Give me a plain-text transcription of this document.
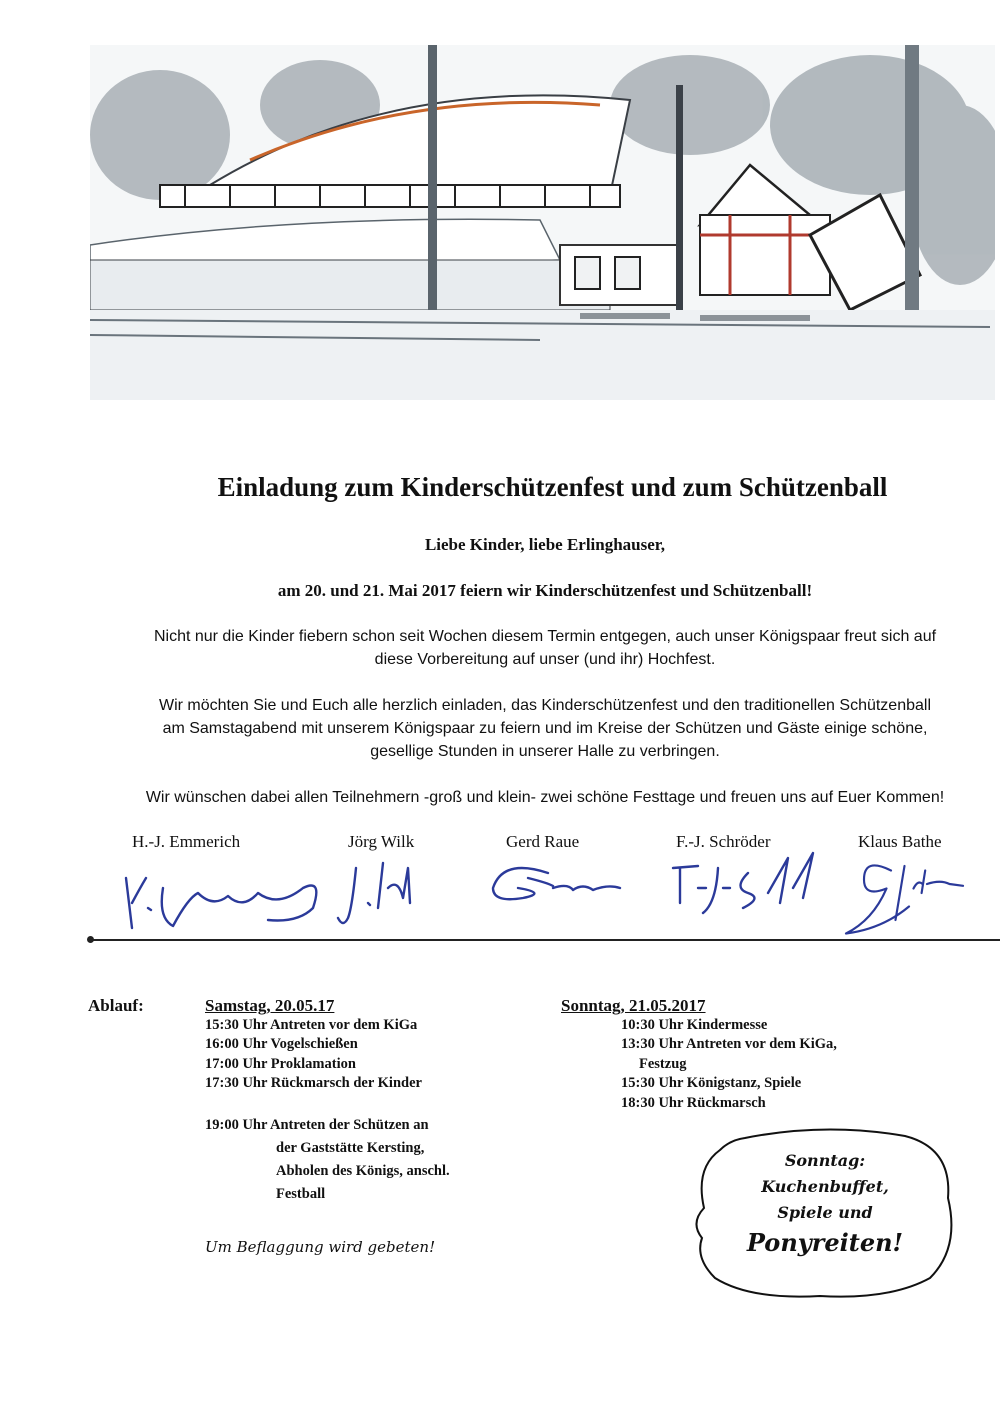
Einladung zum Kinderschützenfest und zum Schützenball
Liebe Kinder, liebe Erlinghauser,
am 20. und 21. Mai 2017 feiern wir Kinderschützenfest und Schützenball!
Nicht nur die Kinder fiebern schon seit Wochen diesem Termin entgegen, auch unser Königspaar freut sich auf
diese Vorbereitung auf unser (und ihr) Hochfest.
Wir möchten Sie und Euch alle herzlich einladen, das Kinderschützenfest und den traditionellen Schützenball
am Samstagabend mit unserem Königspaar zu feiern und im Kreise der Schützen und Gäste einige schöne,
gesellige Stunden in unserer Halle zu verbringen.
Wir wünschen dabei allen Teilnehmern -groß und klein- zwei schöne Festtage und freuen uns auf Euer Kommen!
H.-J. Emmerich	Jörg Wilk	Gerd Raue	F.-J. Schröder	Klaus Bathe
Ablauf:	Samstag, 20.05.17
15:30 Uhr Antreten vor dem KiGa
16:00 Uhr Vogelschießen
17:00 Uhr Proklamation
17:30 Uhr Rückmarsch der Kinder
19:00 Uhr Antreten der Schützen an
der Gaststätte Kersting,
Abholen des Königs, anschl.
Festball
Sonntag, 21.05.2017
10:30 Uhr Kindermesse
13:30 Uhr Antreten vor dem KiGa,
Festzug
15:30 Uhr Königstanz, Spiele
18:30 Uhr Rückmarsch
Um Beflaggung wird gebeten!
Sonntag:
Kuchenbuffet,
Spiele und
Ponyreiten!
